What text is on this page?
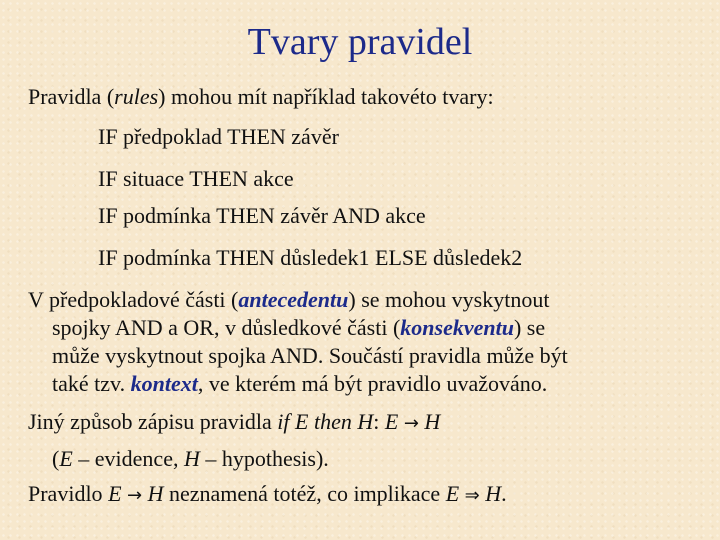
Tvary pravidel
Pravidla (rules) mohou mít například takovéto tvary:
IF předpoklad THEN závěr
IF situace THEN akce
IF podmínka THEN závěr AND akce
IF podmínka THEN důsledek1 ELSE důsledek2
V předpokladové části (antecedentu) se mohou vyskytnout
spojky AND a OR, v důsledkové části (konsekventu) se
může vyskytnout spojka AND. Součástí pravidla může být
také tzv. kontext, ve kterém má být pravidlo uvažováno.
Jiný způsob zápisu pravidla if E then H: E → H
(E – evidence, H – hypothesis).
Pravidlo E → H neznamená totéž, co implikace E ⇒ H.
